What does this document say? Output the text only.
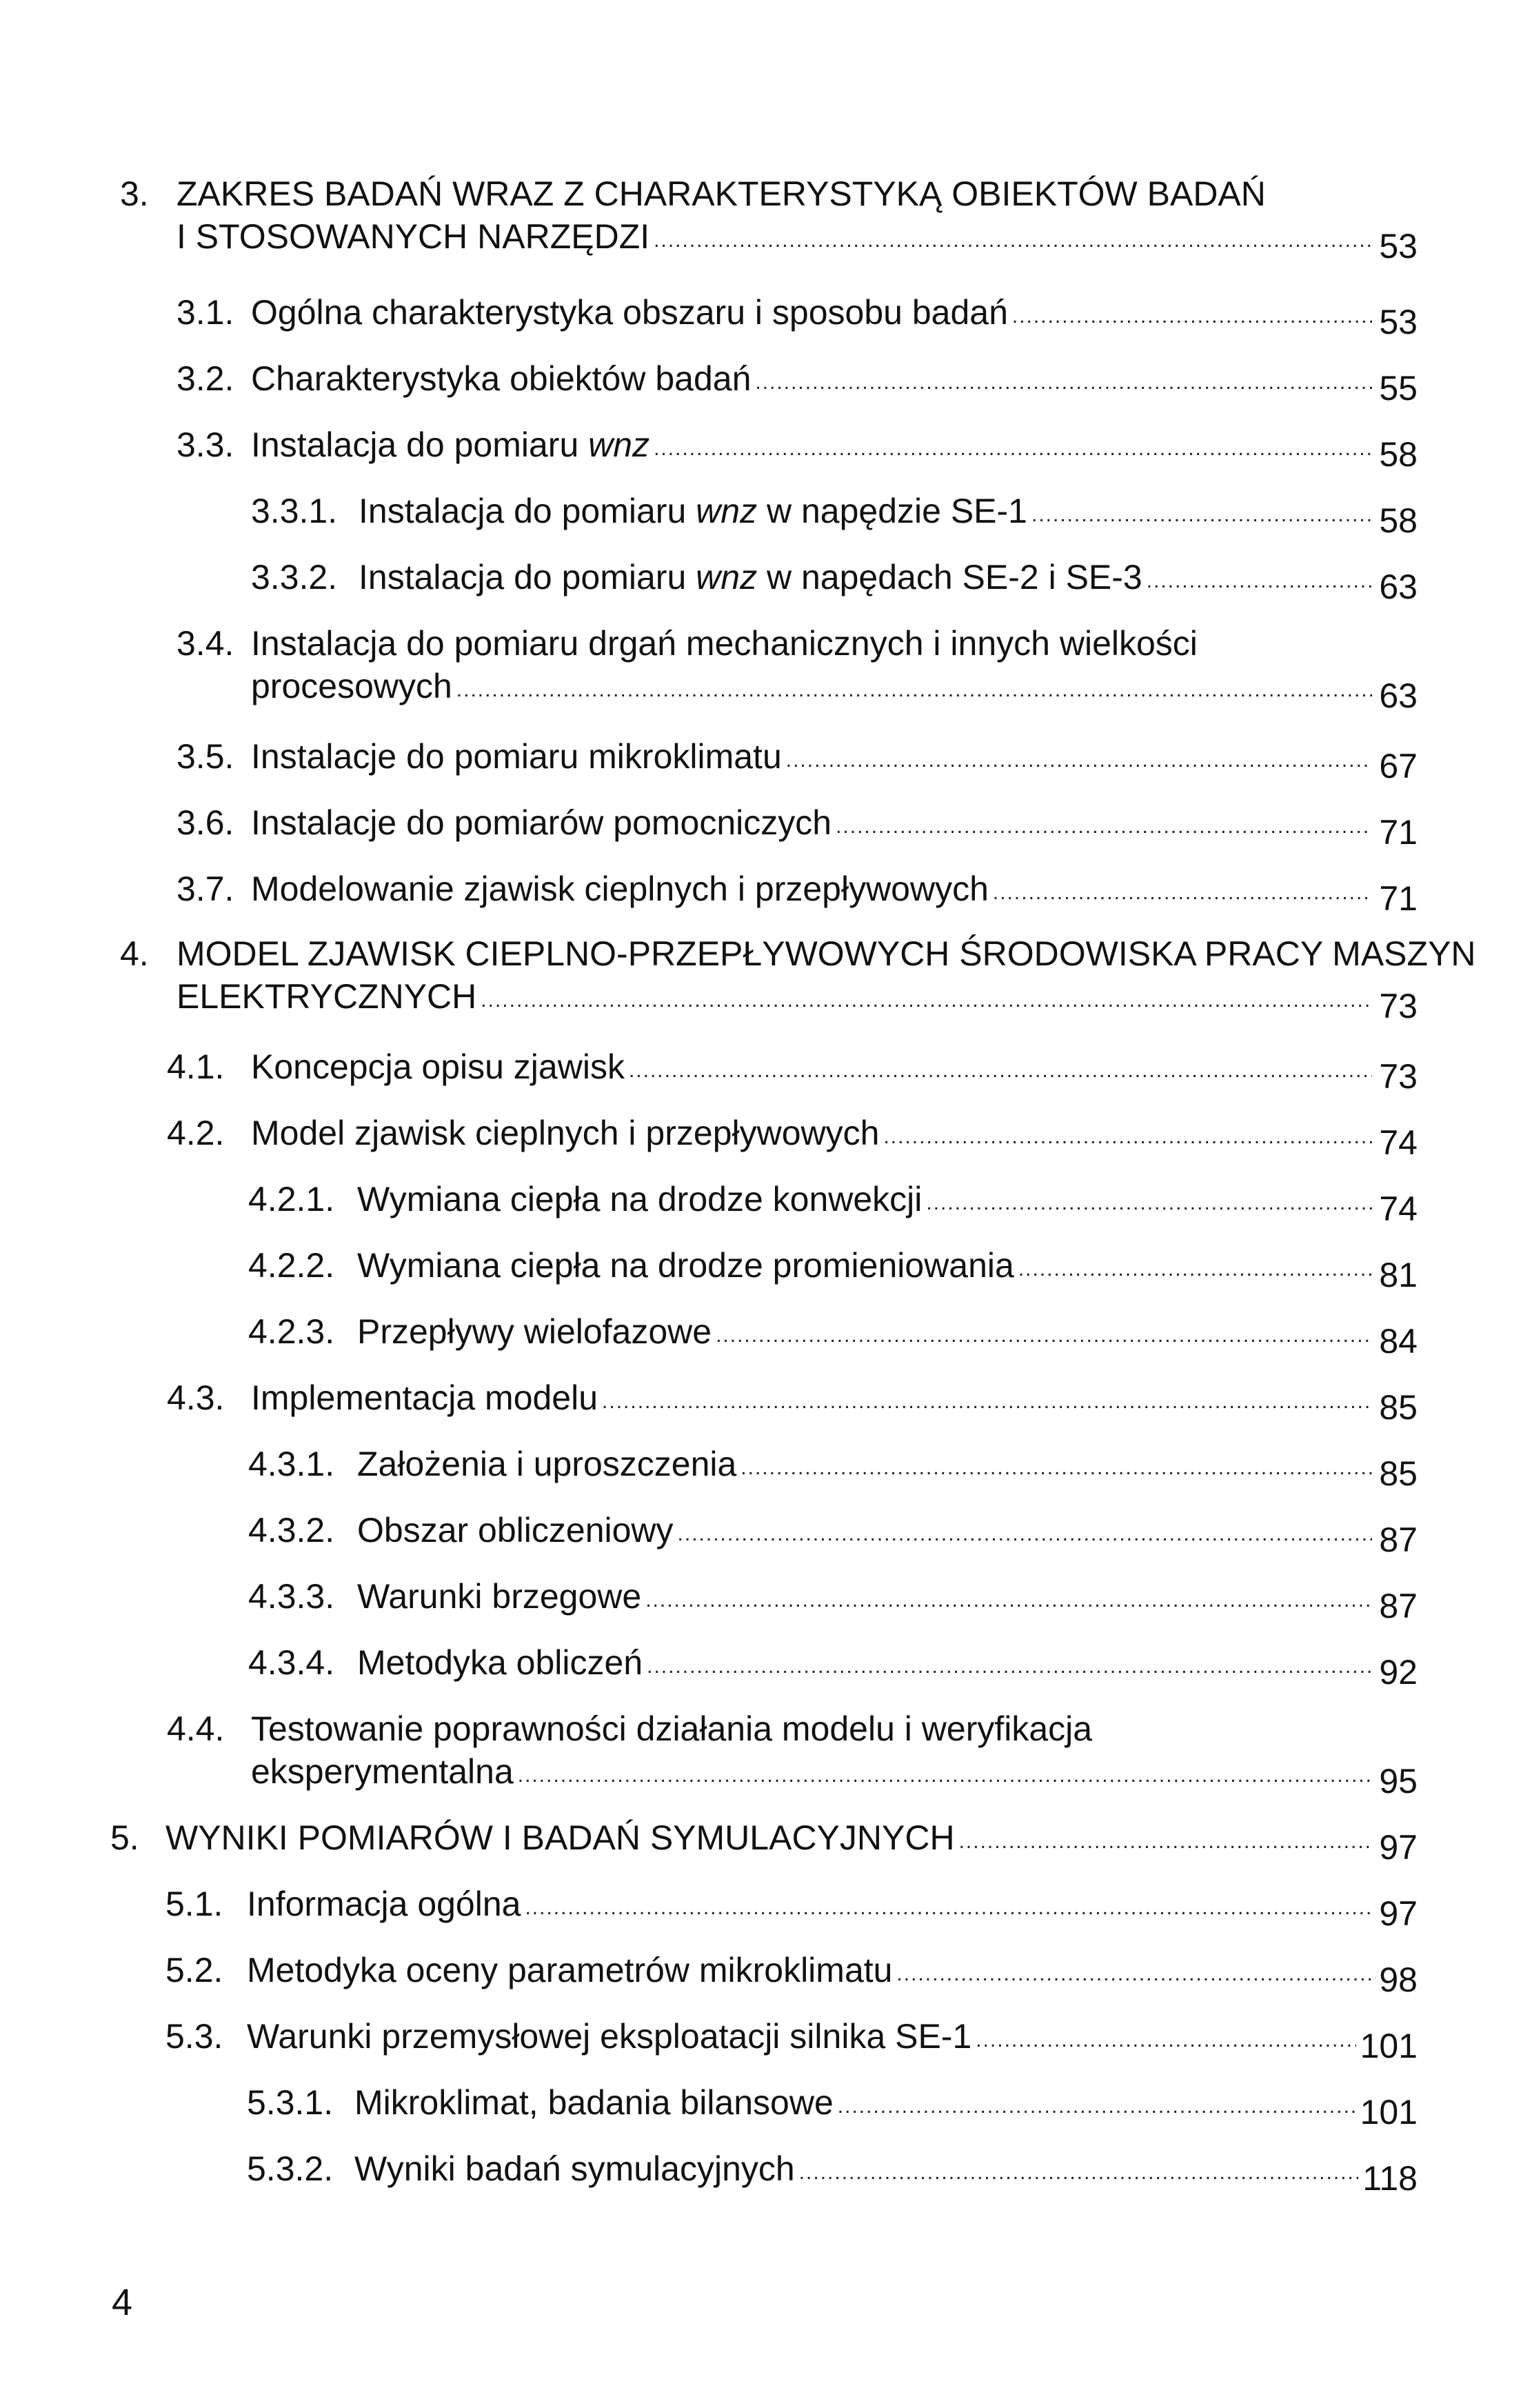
3. ZAKRES BADAŃ WRAZ Z CHARAKTERYSTYKĄ OBIEKTÓW BADAŃ
I STOSOWANYCH NARZĘDZI .....	53
3.1. Ogólna charakterystyka obszaru i sposobu badań .....	53
3.2. Charakterystyka obiektów badań .....	55
3.3. Instalacja do pomiaru wnz .....	58
3.3.1. Instalacja do pomiaru wnz w napędzie SE-1 .....	58
3.3.2. Instalacja do pomiaru wnz w napędach SE-2 i SE-3 .....	63
3.4. Instalacja do pomiaru drgań mechanicznych i innych wielkości
procesowych .....	63
3.5. Instalacje do pomiaru mikroklimatu .....	67
3.6. Instalacje do pomiarów pomocniczych .....	71
3.7. Modelowanie zjawisk cieplnych i przepływowych .....	71
4. MODEL ZJAWISK CIEPLNO-PRZEPŁYWOWYCH ŚRODOWISKA PRACY MASZYN
ELEKTRYCZNYCH .....	73
4.1. Koncepcja opisu zjawisk .....	73
4.2. Model zjawisk cieplnych i przepływowych .....	74
4.2.1. Wymiana ciepła na drodze konwekcji .....	74
4.2.2. Wymiana ciepła na drodze promieniowania .....	81
4.2.3. Przepływy wielofazowe .....	84
4.3. Implementacja modelu .....	85
4.3.1. Założenia i uproszczenia .....	85
4.3.2. Obszar obliczeniowy .....	87
4.3.3. Warunki brzegowe .....	87
4.3.4. Metodyka obliczeń .....	92
4.4. Testowanie poprawności działania modelu i weryfikacja
eksperymentalna .....	95
5. WYNIKI POMIARÓW I BADAŃ SYMULACYJNYCH .....	97
5.1. Informacja ogólna .....	97
5.2. Metodyka oceny parametrów mikroklimatu .....	98
5.3. Warunki przemysłowej eksploatacji silnika SE-1 .....	101
5.3.1. Mikroklimat, badania bilansowe .....	101
5.3.2. Wyniki badań symulacyjnych .....	118
4
